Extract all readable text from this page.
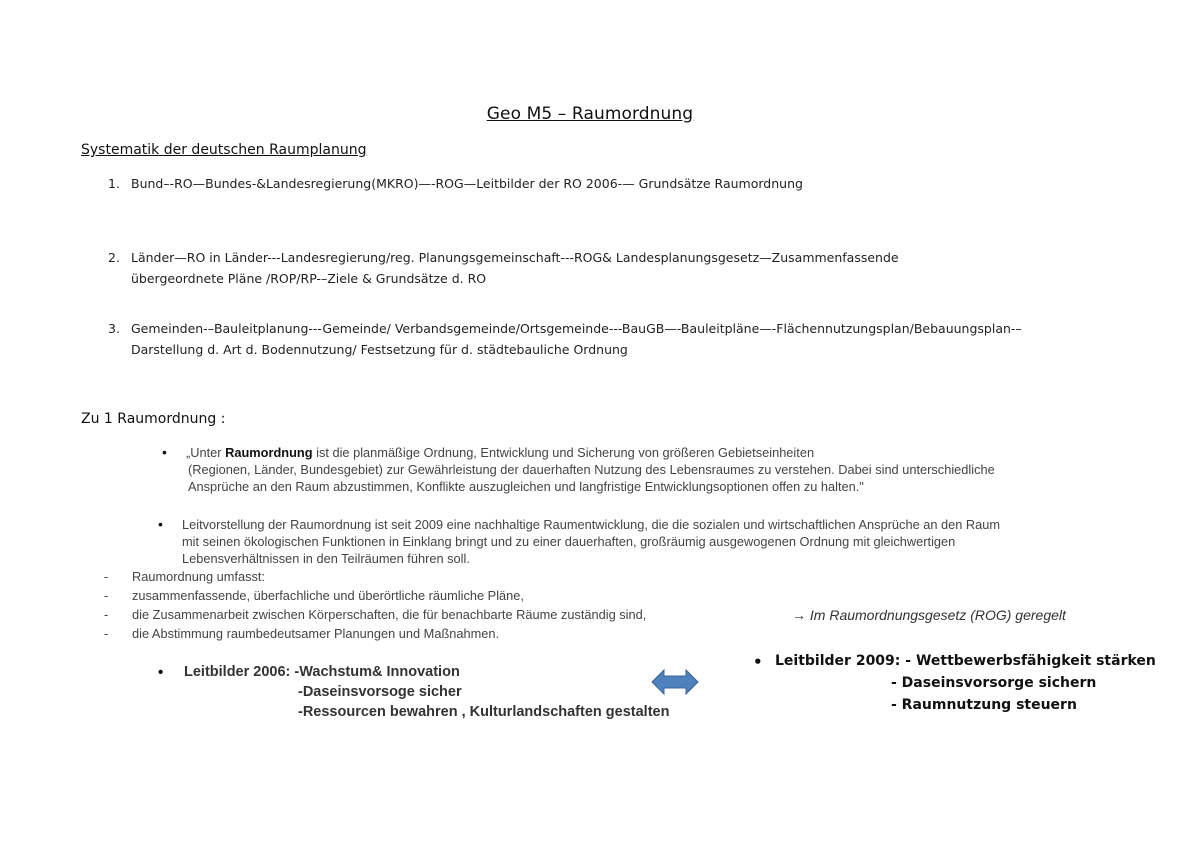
Geo M5 – Raumordnung
Systematik der deutschen Raumplanung
1. Bund–-RO—Bundes-&Landesregierung(MKRO)—-ROG—Leitbilder der RO 2006-— Grundsätze Raumordnung
2. Länder—RO in Länder---Landesregierung/reg. Planungsgemeinschaft---ROG& Landesplanungsgesetz—Zusammenfassende
übergeordnete Pläne /ROP/RP-–Ziele & Grundsätze d. RO
3. Gemeinden-–Bauleitplanung---Gemeinde/ Verbandsgemeinde/Ortsgemeinde---BauGB—-Bauleitpläne—-Flächennutzungsplan/Bebauungsplan-–
Darstellung d. Art d. Bodennutzung/ Festsetzung für d. städtebauliche Ordnung
Zu 1 Raumordnung :
• „Unter Raumordnung ist die planmäßige Ordnung, Entwicklung und Sicherung von größeren Gebietseinheiten
(Regionen, Länder, Bundesgebiet) zur Gewährleistung der dauerhaften Nutzung des Lebensraumes zu verstehen. Dabei sind unterschiedliche
Ansprüche an den Raum abzustimmen, Konflikte auszugleichen und langfristige Entwicklungsoptionen offen zu halten."
• Leitvorstellung der Raumordnung ist seit 2009 eine nachhaltige Raumentwicklung, die die sozialen und wirtschaftlichen Ansprüche an den Raum
mit seinen ökologischen Funktionen in Einklang bringt und zu einer dauerhaften, großräumig ausgewogenen Ordnung mit gleichwertigen
Lebensverhältnissen in den Teilräumen führen soll.
- Raumordnung umfasst:
- zusammenfassende, überfachliche und überörtliche räumliche Pläne,
- die Zusammenarbeit zwischen Körperschaften, die für benachbarte Räume zuständig sind,
- die Abstimmung raumbedeutsamer Planungen und Maßnahmen.
→ Im Raumordnungsgesetz (ROG) geregelt
• Leitbilder 2006: -Wachstum& Innovation
-Daseinsvorsoge sicher
-Ressourcen bewahren , Kulturlandschaften gestalten
• Leitbilder 2009: - Wettbewerbsfähigkeit stärken
- Daseinsvorsorge sichern
- Raumnutzung steuern
